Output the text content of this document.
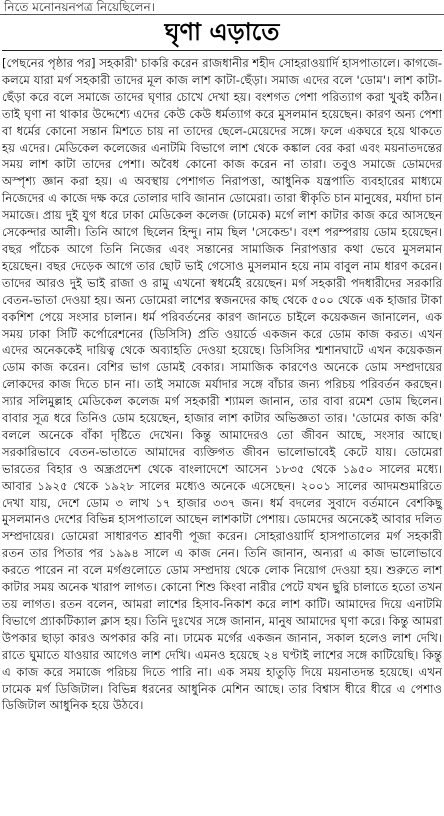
নিতে মনোনয়নপত্র নিয়েছিলেন।
ঘৃণা এড়াতে
[পেছনের পৃষ্ঠার পর] সহকারী' চাকরি করেন রাজধানীর শহীদ সোহরাওয়ার্দি হাসপাতালে। কাগজে-কলমে যারা মর্গ সহকারী তাদের মূল কাজ লাশ কাটা-ছেঁড়া। সমাজ এদের বলে 'ডোম'। লাশ কাটা-ছেঁড়া করে বলে সমাজে তাদের ঘৃণার চোখে দেখা হয়। বংশগত পেশা পরিত্যাগ করা খুবই কঠিন। তাই ঘৃণা না থাকার উদ্দেশ্যে এদের কেউ কেউ ধর্মত্যাগ করে মুসলমান হয়েছেন। কারণ অন্য পেশা বা ধর্মের কোনো সন্তান মিশতে চায় না তাদের ছেলে-মেয়েদের সঙ্গে। ফলে একঘরে হয়ে থাকতে হয় এদের। মেডিকেল কলেজের এনাটমি বিভাগে লাশ থেকে কঙ্কাল বের করা এবং ময়নাতদন্তের সময় লাশ কাটা তাদের পেশা। অবৈধ কোনো কাজ করেন না তারা। তবুও সমাজে ডোমদের অস্পৃশ্য জ্ঞান করা হয়। এ অবস্থায় পেশাগত নিরাপত্তা, আধুনিক যন্ত্রপাতি ব্যবহারের মাধ্যমে নিজেদের এ কাজে দক্ষ করে তোলার দাবি জানান ডোমেরা। তারা স্বীকৃতি চান মানুষের, মর্যাদা চান সমাজে। প্রায় দুই যুগ ধরে ঢাকা মেডিকেল কলেজ (ঢামেক) মর্গে লাশ কাটার কাজ করে আসছেন সেকেন্দার আলী। তিনি আগে ছিলেন হিন্দু। নাম ছিল 'সেকেন্ড'। বংশ পরম্পরায় ডোম হয়েছেন। বছর পাঁচেক আগে তিনি নিজের এবং সন্তানের সামাজিক নিরাপত্তার কথা ভেবে মুসলমান হয়েছেন। বছর দেড়েক আগে তার ছোট ভাই গেসোও মুসলমান হয়ে নাম বাবুল নাম ধারণ করেন। তাদের আরও দুই ভাই রাজা ও রামু এখনো স্বধর্মেই রয়েছেন। মর্গ সহকারী পদধারীদের সরকারি বেতন-ভাতা দেওয়া হয়। অন্য ডোমেরা লাশের স্বজনদের কাছ থেকে ৫০০ থেকে এক হাজার টাকা বকশিশ পেয়ে সংসার চালান। ধর্ম পরিবর্তনের কারণ জানতে চাইলে কয়েকজন জানালেন, এক সময় ঢাকা সিটি কর্পোরেশনের (ডিসিসি) প্রতি ওয়ার্ডে একজন করে ডোম কাজ করত। এখন এদের অনেককেই দায়িত্ব থেকে অব্যাহতি দেওয়া হয়েছে। ডিসিসির শ্মশানঘাটে এখন কয়েকজন ডোম কাজ করেন। বেশির ভাগ ডোমই বেকার। সামাজিক কারণেও অনেকে ডোম সম্প্রদায়ের লোকদের কাজ দিতে চান না। তাই সমাজে মর্যাদার সঙ্গে বাঁচার জন্য পরিচয় পরিবর্তন করছেন। স্যার সলিমুল্লাহ মেডিকেল কলেজ মর্গ সহকারী শ্যামল জানান, তার বাবা রমেশ ডোম ছিলেন। বাবার সূত্র ধরে তিনিও ডোম হয়েছেন, হাজার লাশ কাটার অভিজ্ঞতা তার। 'ডোমের কাজ করি' বললে অনেকে বাঁকা দৃষ্টিতে দেখেন। কিন্তু আমাদেরও তো জীবন আছে, সংসার আছে। সরকারিভাবে বেতন-ভাতাতে আমাদের ব্যক্তিগত জীবন ভালোভাবেই কেটে যায়। ডোমেরা ভারতের বিহার ও অন্ধ্রপ্রদেশ থেকে বাংলাদেশে আসেন ১৮৩৫ থেকে ১৯৫০ সালের মধ্যে। আবার ১৯২৫ থেকে ১৯২৮ সালের মধ্যেও অনেকে এসেছেন। ২০০১ সালের আদমশুমারিতে দেখা যায়, দেশে ডোম ৩ লাখ ১৭ হাজার ৩৩৭ জন। ধর্ম বদলের সুবাদে বর্তমানে বেশকিছু মুসলমানও দেশের বিভিন্ন হাসপাতালে আছেন লাশকাটা পেশায়। ডোমদের অনেকেই আবার দলিত সম্প্রদায়ের। ডোমেরা সাধারণত শ্রাবণী পূজা করেন। সোহরাওয়ার্দি হাসপাতালের মর্গ সহকারী রতন তার পিতার পর ১৯৯৪ সালে এ কাজ নেন। তিনি জানান, অন্যরা এ কাজ ভালোভাবে করতে পারেন না বলে মর্গগুলোতে ডোম সম্প্রদায় থেকে লোক নিয়োগ দেওয়া হয়। শুরুতে লাশ কাটার সময় অনেক খারাপ লাগত। কোনো শিশু কিংবা নারীর পেটে যখন ছুরি চালাতে হতো তখন তয় লাগত। রতন বলেন, আমরা লাশের হিসাব-নিকাশ করে লাশ কাটি। আমাদের দিয়ে এনাটমি বিভাগে প্র্যাকটিক্যাল ক্লাস হয়। তিনি দুঃখের সঙ্গে জানান, মানুষ আমাদের ঘৃণা করে। কিন্তু আমরা উপকার ছাড়া কারও অপকার করি না। ঢামেক মর্গের একজন জানান, সকাল হলেও লাশ দেখি। রাতে ঘুমাতে যাওয়ার আগেও লাশ দেখি। এমনও হয়েছে ২৪ ঘণ্টাই লাশের সঙ্গে কাটিয়েছি। কিন্তু এ কাজ করে সমাজে পরিচয় দিতে পারি না। এক সময় হাতুড়ি দিয়ে ময়নাতদন্ত হয়েছে। এখন ঢামেক মর্গ ডিজিটাল। বিভিন্ন ধরনের আধুনিক মেশিন আছে। তার বিশ্বাস ধীরে ধীরে এ পেশাও ডিজিটাল আধুনিক হয়ে উঠবে।
